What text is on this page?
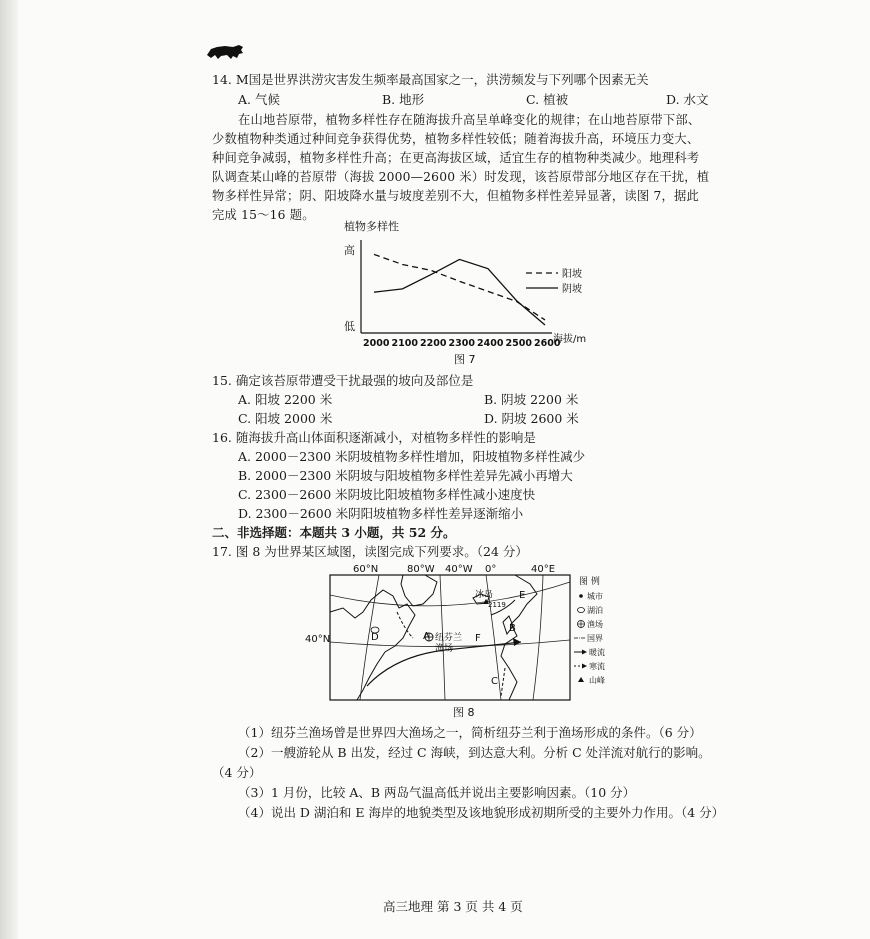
14. M国是世界洪涝灾害发生频率最高国家之一，洪涝频发与下列哪个因素无关
A. 气候	B. 地形	C. 植被	D. 水文
在山地苔原带，植物多样性存在随海拔升高呈单峰变化的规律；在山地苔原带下部、
少数植物种类通过种间竞争获得优势，植物多样性较低；随着海拔升高，环境压力变大、
种间竞争减弱，植物多样性升高；在更高海拔区域，适宜生存的植物种类减少。地理科考
队调查某山峰的苔原带（海拔 2000—2600 米）时发现，该苔原带部分地区存在干扰，植
物多样性异常；阴、阳坡降水量与坡度差别不大，但植物多样性差异显著，读图 7，据此
完成 15～16 题。
植物多样性
高
低
2000 2100 2200 2300 2400 2500 2600
海拔/m
阳坡
阴坡
图 7
15. 确定该苔原带遭受干扰最强的坡向及部位是
A. 阳坡 2200 米	B. 阴坡 2200 米
C. 阳坡 2000 米	D. 阴坡 2600 米
16. 随海拔升高山体面积逐渐减小，对植物多样性的影响是
A. 2000－2300 米阴坡植物多样性增加，阳坡植物多样性减少
B. 2000－2300 米阴坡与阳坡植物多样性差异先减小再增大
C. 2300－2600 米阴坡比阳坡植物多样性减小速度快
D. 2300－2600 米阴阳坡植物多样性差异逐渐缩小
二、非选择题：本题共 3 小题，共 52 分。
17. 图 8 为世界某区域图，读图完成下列要求。（24 分）
60°N
40°N
80°W 40°W 0°	40°E
冰岛
2119
纽芬兰
渔场
A
B
C
D
E
F
图 例
城市
湖泊
渔场
国界
暖流
寒流
山峰
图 8
（1）纽芬兰渔场曾是世界四大渔场之一，简析纽芬兰利于渔场形成的条件。（6 分）
（2）一艘游轮从 B 出发，经过 C 海峡，到达意大利。分析 C 处洋流对航行的影响。
（4 分）
（3）1 月份，比较 A、B 两岛气温高低并说出主要影响因素。（10 分）
（4）说出 D 湖泊和 E 海岸的地貌类型及该地貌形成初期所受的主要外力作用。（4 分）
高三地理 第 3 页 共 4 页
